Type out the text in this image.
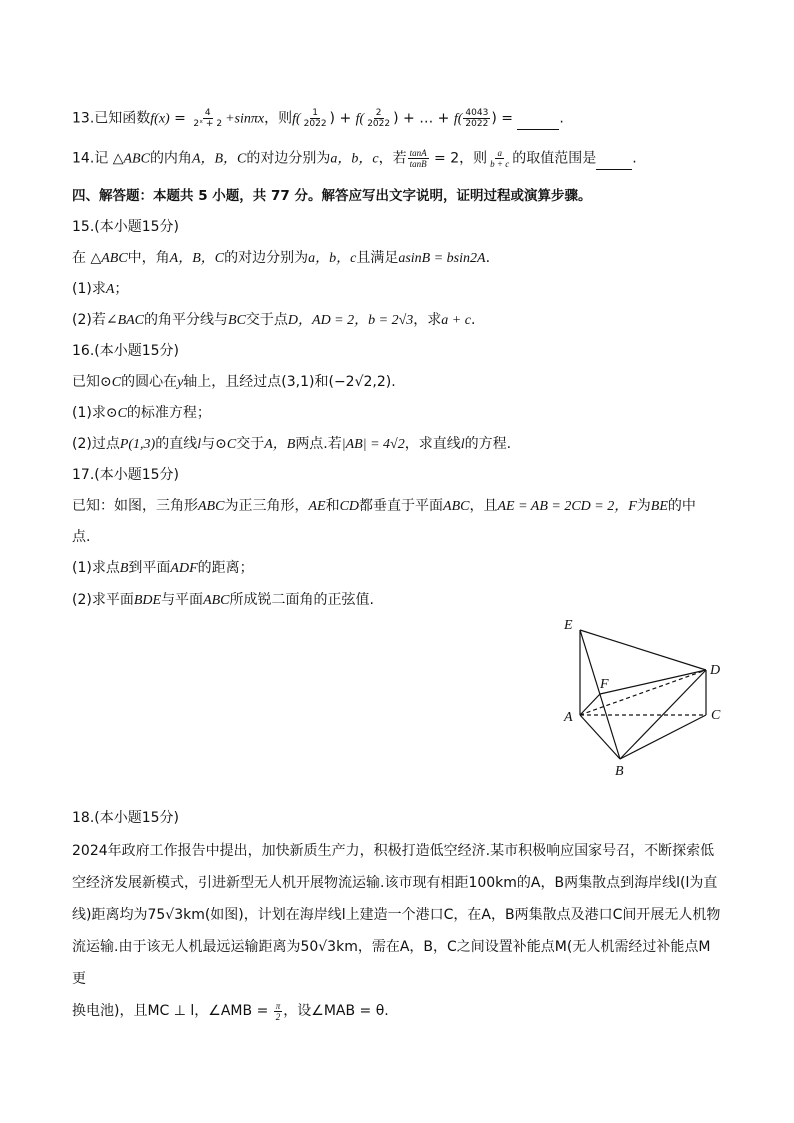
13.已知函数$f(x) = \frac{4}{\text{2ˣ + 2}} +\sin\pi x$，则$f( \frac{1}{2022}$ ) + $f( \frac{2}{2022}$ ) + … + $f( \frac{4043}{2022}$ ) =	.
14.记 △ABC的内角A，B，C的对边分别为a，b，c，若 $\frac{\tan A}{\tan B} = 2$，则 $\frac{a}{b + c}$ 的取值范围是	.
四、解答题：本题共 5 小题，共 77 分。解答应写出文字说明，证明过程或演算步骤。
15.(本小题15分)
在 △ABC中，角A，B，C的对边分别为a，b，c且满足asinB = bsin2A.
(1)求A；
(2)若∠BAC的角平分线与BC交于点D，AD = 2，b = 2√3，求a + c.
16.(本小题15分)
已知⊙C的圆心在y轴上，且经过点(3,1)和(−2√2,2).
(1)求⊙C的标准方程；
(2)过点P(1,3)的直线l与⊙C交于A，B两点.若|AB| = 4√2，求直线l的方程.
17.(本小题15分)
已知：如图，三角形ABC为正三角形，AE和CD都垂直于平面ABC，且AE = AB = 2CD = 2，F为BE的中
点.
(1)求点B到平面ADF的距离；
(2)求平面BDE与平面ABC所成锐二面角的正弦值.
E
D
F
A	C
B
18.(本小题15分)
2024年政府工作报告中提出，加快新质生产力，积极打造低空经济.某市积极响应国家号召，不断探索低
空经济发展新模式，引进新型无人机开展物流运输.该市现有相距100km的A，B两集散点到海岸线l(l为直
线)距离均为75√3km(如图)，计划在海岸线l上建造一个港口C，在A，B两集散点及港口C间开展无人机物
流运输.由于该无人机最远运输距离为50√3km，需在A，B，C之间设置补能点M(无人机需经过补能点M更
换电池)，且MC ⊥ l，∠AMB = $\frac{\pi}{2}$ ，设∠MAB = θ.
